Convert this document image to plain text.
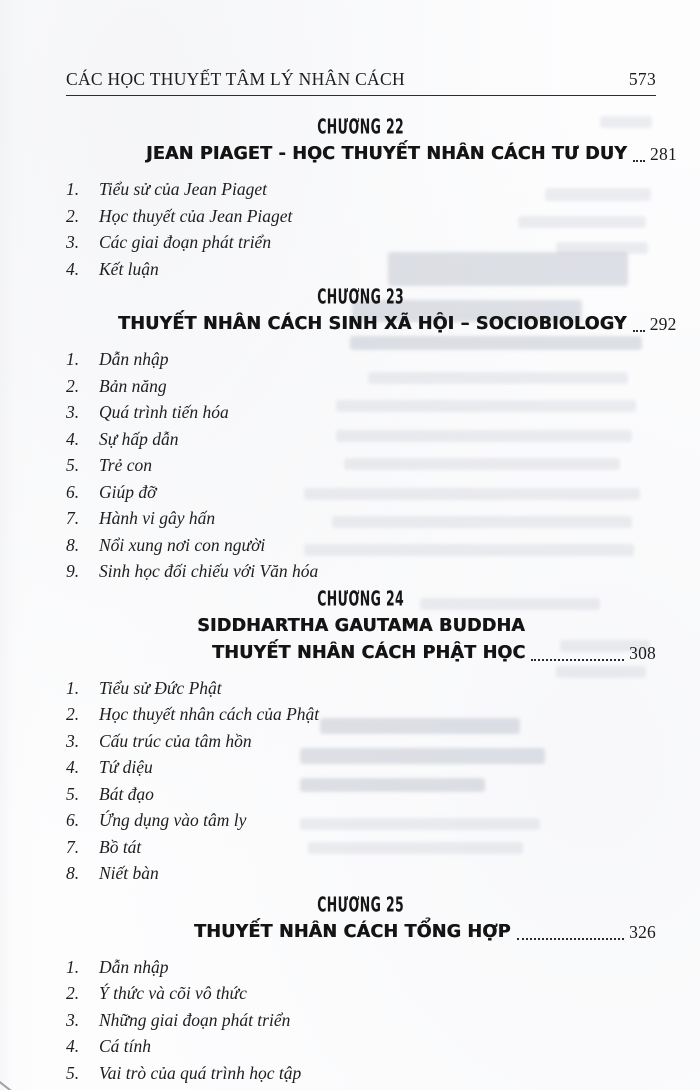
CÁC HỌC THUYẾT TÂM LÝ NHÂN CÁCH	573
CHƯƠNG 22
JEAN PIAGET - HỌC THUYẾT NHÂN CÁCH TƯ DUY 281
1.	Tiểu sử của Jean Piaget
2.	Học thuyết của Jean Piaget
3.	Các giai đoạn phát triển
4.	Kết luận
CHƯƠNG 23
THUYẾT NHÂN CÁCH SINH XÃ HỘI – SOCIOBIOLOGY 292
1.	Dẫn nhập
2.	Bản năng
3.	Quá trình tiến hóa
4.	Sự hấp dẫn
5.	Trẻ con
6.	Giúp đỡ
7.	Hành vi gây hấn
8.	Nổi xung nơi con người
9.	Sinh học đối chiếu với Văn hóa
CHƯƠNG 24
SIDDHARTHA GAUTAMA BUDDHA
THUYẾT NHÂN CÁCH PHẬT HỌC	308
1.	Tiểu sử Đức Phật
2.	Học thuyết nhân cách của Phật
3.	Cấu trúc của tâm hồn
4.	Tứ diệu
5.	Bát đạo
6.	Ứng dụng vào tâm ly
7.	Bồ tát
8.	Niết bàn
CHƯƠNG 25
THUYẾT NHÂN CÁCH TỔNG HỢP	326
1.	Dẫn nhập
2.	Ý thức và cõi vô thức
3.	Những giai đoạn phát triển
4.	Cá tính
5.	Vai trò của quá trình học tập
